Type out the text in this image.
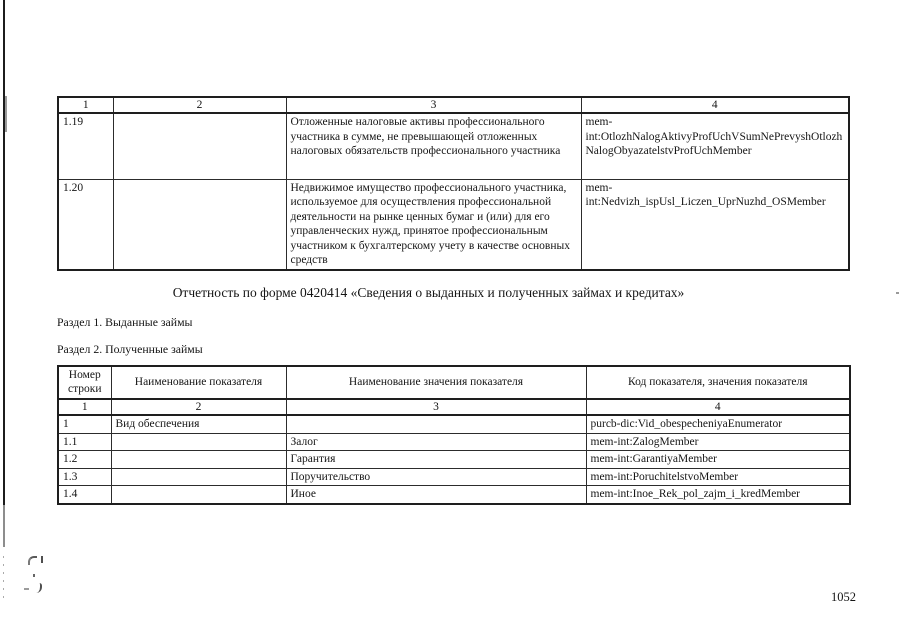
1	2	3	4
1.19		Отложенные налоговые активы профессионального участника в сумме, не превышающей отложенных налоговых обязательств профессионального участника	mem-int:OtlozhNalogAktivyProfUchVSumNePrevyshOtlozhNalogObyazatelstvProfUchMember
1.20		Недвижимое имущество профессионального участника, используемое для осуществления профессиональной деятельности на рынке ценных бумаг и (или) для его управленческих нужд, принятое профессиональным участником к бухгалтерскому учету в качестве основных средств	mem-int:Nedvizh_ispUsl_Liczen_UprNuzhd_OSMember
Отчетность по форме 0420414 «Сведения о выданных и полученных займах и кредитах»
Раздел 1. Выданные займы
Раздел 2. Полученные займы
Номер строки	Наименование показателя	Наименование значения показателя	Код показателя, значения показателя
1	2	3	4
1	Вид обеспечения		purcb-dic:Vid_obespecheniyaEnumerator
1.1		Залог	mem-int:ZalogMember
1.2		Гарантия	mem-int:GarantiyaMember
1.3		Поручительство	mem-int:PoruchitelstvoMember
1.4		Иное	mem-int:Inoe_Rek_pol_zajm_i_kredMember
1052
